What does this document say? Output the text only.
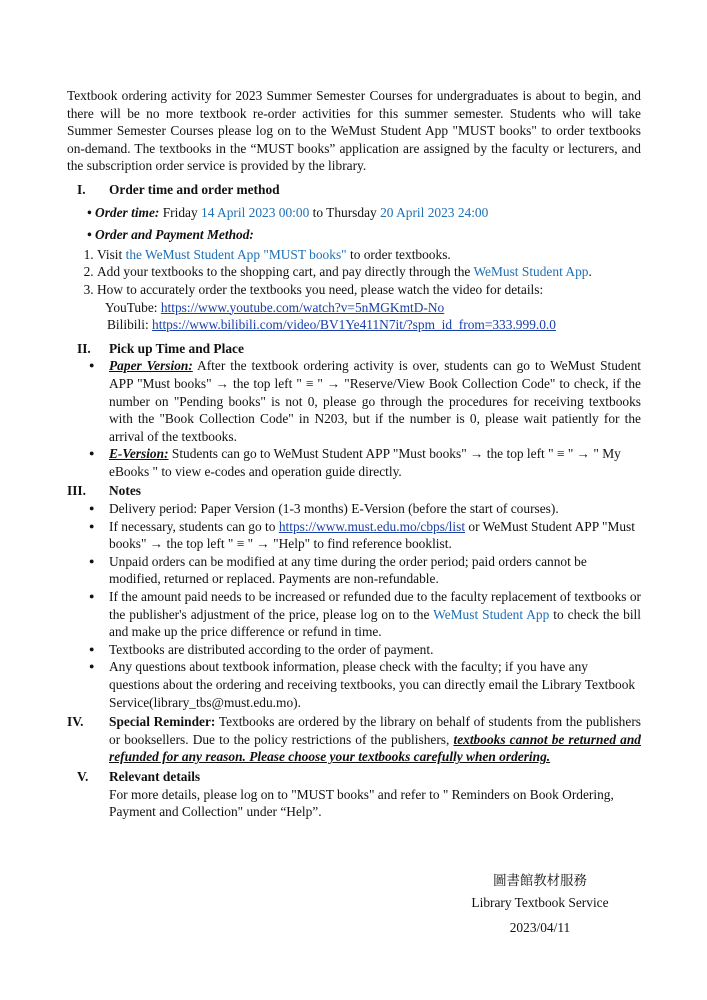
Textbook ordering activity for 2023 Summer Semester Courses for undergraduates is about to begin, and there will be no more textbook re-order activities for this summer semester. Students who will take Summer Semester Courses please log on to the WeMust Student App "MUST books" to order textbooks on-demand. The textbooks in the “MUST books” application are assigned by the faculty or lecturers, and the subscription order service is provided by the library.

I.	Order time and order method

• Order time: Friday 14 April 2023 00:00 to Thursday 20 April 2023 24:00

• Order and Payment Method:

1. Visit the WeMust Student App "MUST books" to order textbooks.
2. Add your textbooks to the shopping cart, and pay directly through the WeMust Student App.
3. How to accurately order the textbooks you need, please watch the video for details:

YouTube: https://www.youtube.com/watch?v=5nMGKmtD-No

Bilibili: https://www.bilibili.com/video/BV1Ye411N7it/?spm_id_from=333.999.0.0

II.	Pick up Time and Place
● Paper Version: After the textbook ordering activity is over, students can go to WeMust Student APP "Must books" → the top left " ≡ " → "Reserve/View Book Collection Code" to check, if the number on "Pending books" is not 0, please go through the procedures for receiving textbooks with the "Book Collection Code" in N203, but if the number is 0, please wait patiently for the arrival of the textbooks.
● E-Version: Students can go to WeMust Student APP "Must books" → the top left " ≡ " → " My eBooks " to view e-codes and operation guide directly.
III.	Notes
● Delivery period: Paper Version (1-3 months) E-Version (before the start of courses).
● If necessary, students can go to https://www.must.edu.mo/cbps/list or WeMust Student APP "Must books" → the top left " ≡ " → "Help" to find reference booklist.
● Unpaid orders can be modified at any time during the order period; paid orders cannot be modified, returned or replaced. Payments are non-refundable.
● If the amount paid needs to be increased or refunded due to the faculty replacement of textbooks or the publisher's adjustment of the price, please log on to the WeMust Student App to check the bill and make up the price difference or refund in time.
● Textbooks are distributed according to the order of payment.
● Any questions about textbook information, please check with the faculty; if you have any questions about the ordering and receiving textbooks, you can directly email the Library Textbook Service(library_tbs@must.edu.mo).
IV.	Special Reminder: Textbooks are ordered by the library on behalf of students from the publishers or booksellers. Due to the policy restrictions of the publishers, textbooks cannot be returned and refunded for any reason. Please choose your textbooks carefully when ordering.

V.	Relevant details

For more details, please log on to "MUST books" and refer to " Reminders on Book Ordering, Payment and Collection" under “Help”.

圖書館教材服務
Library Textbook Service
2023/04/11
